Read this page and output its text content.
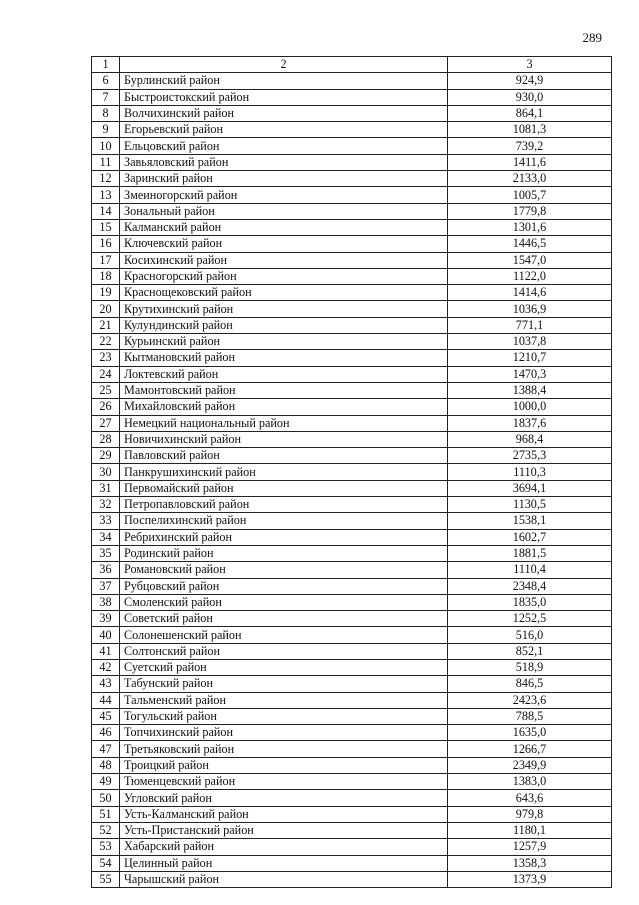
289
1	2	3
6	Бурлинский район	924,9
7	Быстроистокский район	930,0
8	Волчихинский район	864,1
9	Егорьевский район	1081,3
10	Ельцовский район	739,2
11	Завьяловский район	1411,6
12	Заринский район	2133,0
13	Змеиногорский район	1005,7
14	Зональный район	1779,8
15	Калманский район	1301,6
16	Ключевский район	1446,5
17	Косихинский район	1547,0
18	Красногорский район	1122,0
19	Краснощековский район	1414,6
20	Крутихинский район	1036,9
21	Кулундинский район	771,1
22	Курьинский район	1037,8
23	Кытмановский район	1210,7
24	Локтевский район	1470,3
25	Мамонтовский район	1388,4
26	Михайловский район	1000,0
27	Немецкий национальный район	1837,6
28	Новичихинский район	968,4
29	Павловский район	2735,3
30	Панкрушихинский район	1110,3
31	Первомайский район	3694,1
32	Петропавловский район	1130,5
33	Поспелихинский район	1538,1
34	Ребрихинский район	1602,7
35	Родинский район	1881,5
36	Романовский район	1110,4
37	Рубцовский район	2348,4
38	Смоленский район	1835,0
39	Советский район	1252,5
40	Солонешенский район	516,0
41	Солтонский район	852,1
42	Суетский район	518,9
43	Табунский район	846,5
44	Тальменский район	2423,6
45	Тогульский район	788,5
46	Топчихинский район	1635,0
47	Третьяковский район	1266,7
48	Троицкий район	2349,9
49	Тюменцевский район	1383,0
50	Угловский район	643,6
51	Усть-Калманский район	979,8
52	Усть-Пристанский район	1180,1
53	Хабарский район	1257,9
54	Целинный район	1358,3
55	Чарышский район	1373,9
